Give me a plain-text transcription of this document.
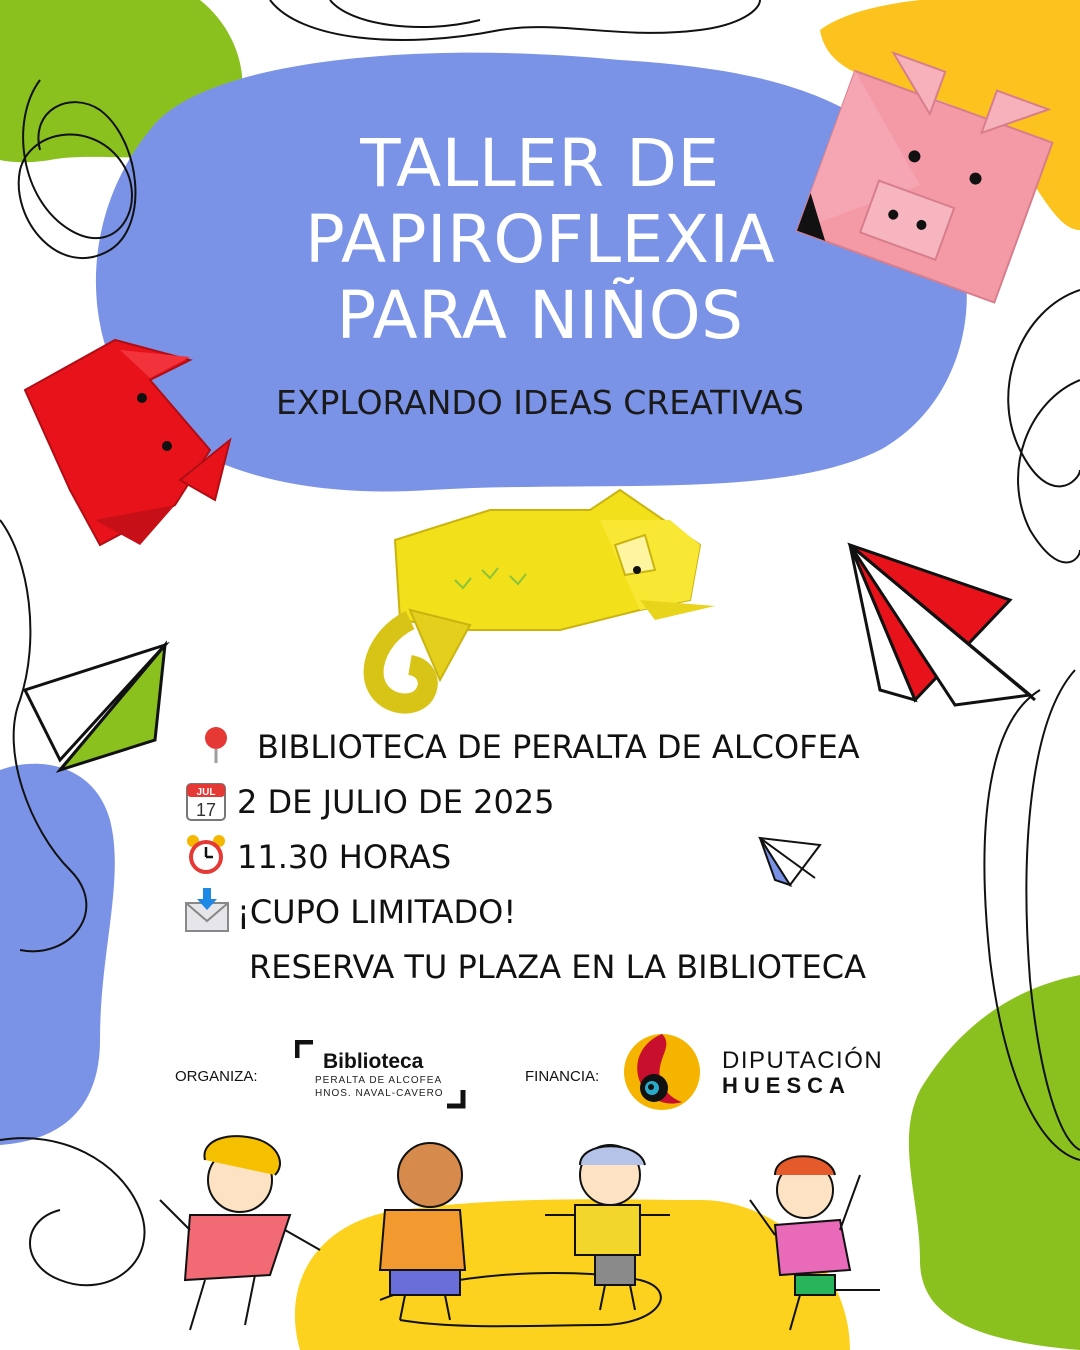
TALLER DE
PAPIROFLEXIA
PARA NIÑOS
EXPLORANDO IDEAS CREATIVAS
BIBLIOTECA DE PERALTA DE ALCOFEA
JUL
17 2 DE JULIO DE 2025
11.30 HORAS
¡CUPO LIMITADO!
RESERVA TU PLAZA EN LA BIBLIOTECA
ORGANIZA:
Biblioteca
PERALTA DE ALCOFEA
HNOS. NAVAL-CAVERO
FINANCIA:
DIPUTACIÓN
HUESCA
